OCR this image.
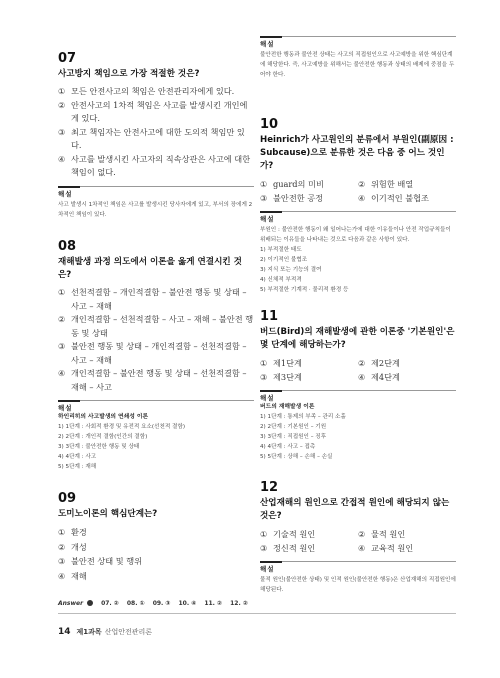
07
사고방지 책임으로 가장 적절한 것은?
① 모든 안전사고의 책임은 안전관리자에게 있다.
② 안전사고의 1차적 책임은 사고를 발생시킨 개인에게 있다.
③ 최고 책임자는 안전사고에 대한 도의적 책임만 있다.
④ 사고를 발생시킨 사고자의 직속상관은 사고에 대한 책임이 없다.
해설
사고 발생시 1차적인 책임은 사고를 발생시킨 당사자에게 있고, 부서의 장에게 2차적인 책임이 있다.
08
재해발생 과정 의도에서 이론을 옳게 연결시킨 것은?
① 선천적결함 – 개인적결함 – 불안전 행동 및 상태 – 사고 – 재해
② 개인적결함 – 선천적결함 – 사고 – 재해 – 불안전 행동 및 상태
③ 불안전 행동 및 상태 – 개인적결함 – 선천적결함 – 사고 – 재해
④ 개인적결함 – 불안전 행동 및 상태 – 선천적결함 – 재해 – 사고
해설
하인리히의 사고발생의 연쇄성 이론
1) 1단계 : 사회적 환경 및 유전적 요소(선천적 결함)
2) 2단계 : 개인적 결함(인간의 결함)
3) 3단계 : 불안전한 행동 및 상태
4) 4단계 : 사고
5) 5단계 : 재해
09
도미노이론의 핵심단계는?
① 환경
② 개성
③ 불안전 상태 및 행위
④ 재해
해설
불안전한 행동과 불안전 상태는 사고의 직접원인으로 사고예방을 위한 핵심단계에 해당한다. 즉, 사고예방을 위해서는 불안전한 행동과 상태의 배제에 중점을 두어야 한다.
10
Heinrich가 사고원인의 분류에서 부원인(副原因 : Subcause)으로 분류한 것은 다음 중 어느 것인가?
① guard의 미비	② 위험한 배열
③ 불안전한 공정	④ 이기적인 불협조
해설
부원인 : 불안전한 행동이 왜 일어나는가에 대한 이유들이나 안전 작업규칙들이 위배되는 이유들을 나타내는 것으로 다음과 같은 사항이 있다.
1) 부적절한 태도
2) 이기적인 불협조
3) 지식 또는 기능의 결여
4) 신체적 부적격
5) 부적절한 기계적 · 물리적 환경 등
11
버드(Bird)의 재해발생에 관한 이론중 '기본원인'은 몇 단계에 해당하는가?
① 제1단계	② 제2단계
③ 제3단계	④ 제4단계
해설
버드의 재해발생 이론
1) 1단계 : 통제의 부족 – 관리 소홀
2) 2단계 : 기본원인 – 기원
3) 3단계 : 직접원인 – 징후
4) 4단계 : 사고 – 접촉
5) 5단계 : 상해 – 손해 – 손실
12
산업재해의 원인으로 간접적 원인에 해당되지 않는 것은?
① 기술적 원인	② 물적 원인
③ 정신적 원인	④ 교육적 원인
해설
물적 원인(불안전한 상태) 및 인적 원인(불안전한 행동)은 산업재해의 직접원인에 해당된다.
Answer	07. ② 08. ① 09. ③ 10. ④ 11. ② 12. ②
14 제1과목 산업안전관리론
